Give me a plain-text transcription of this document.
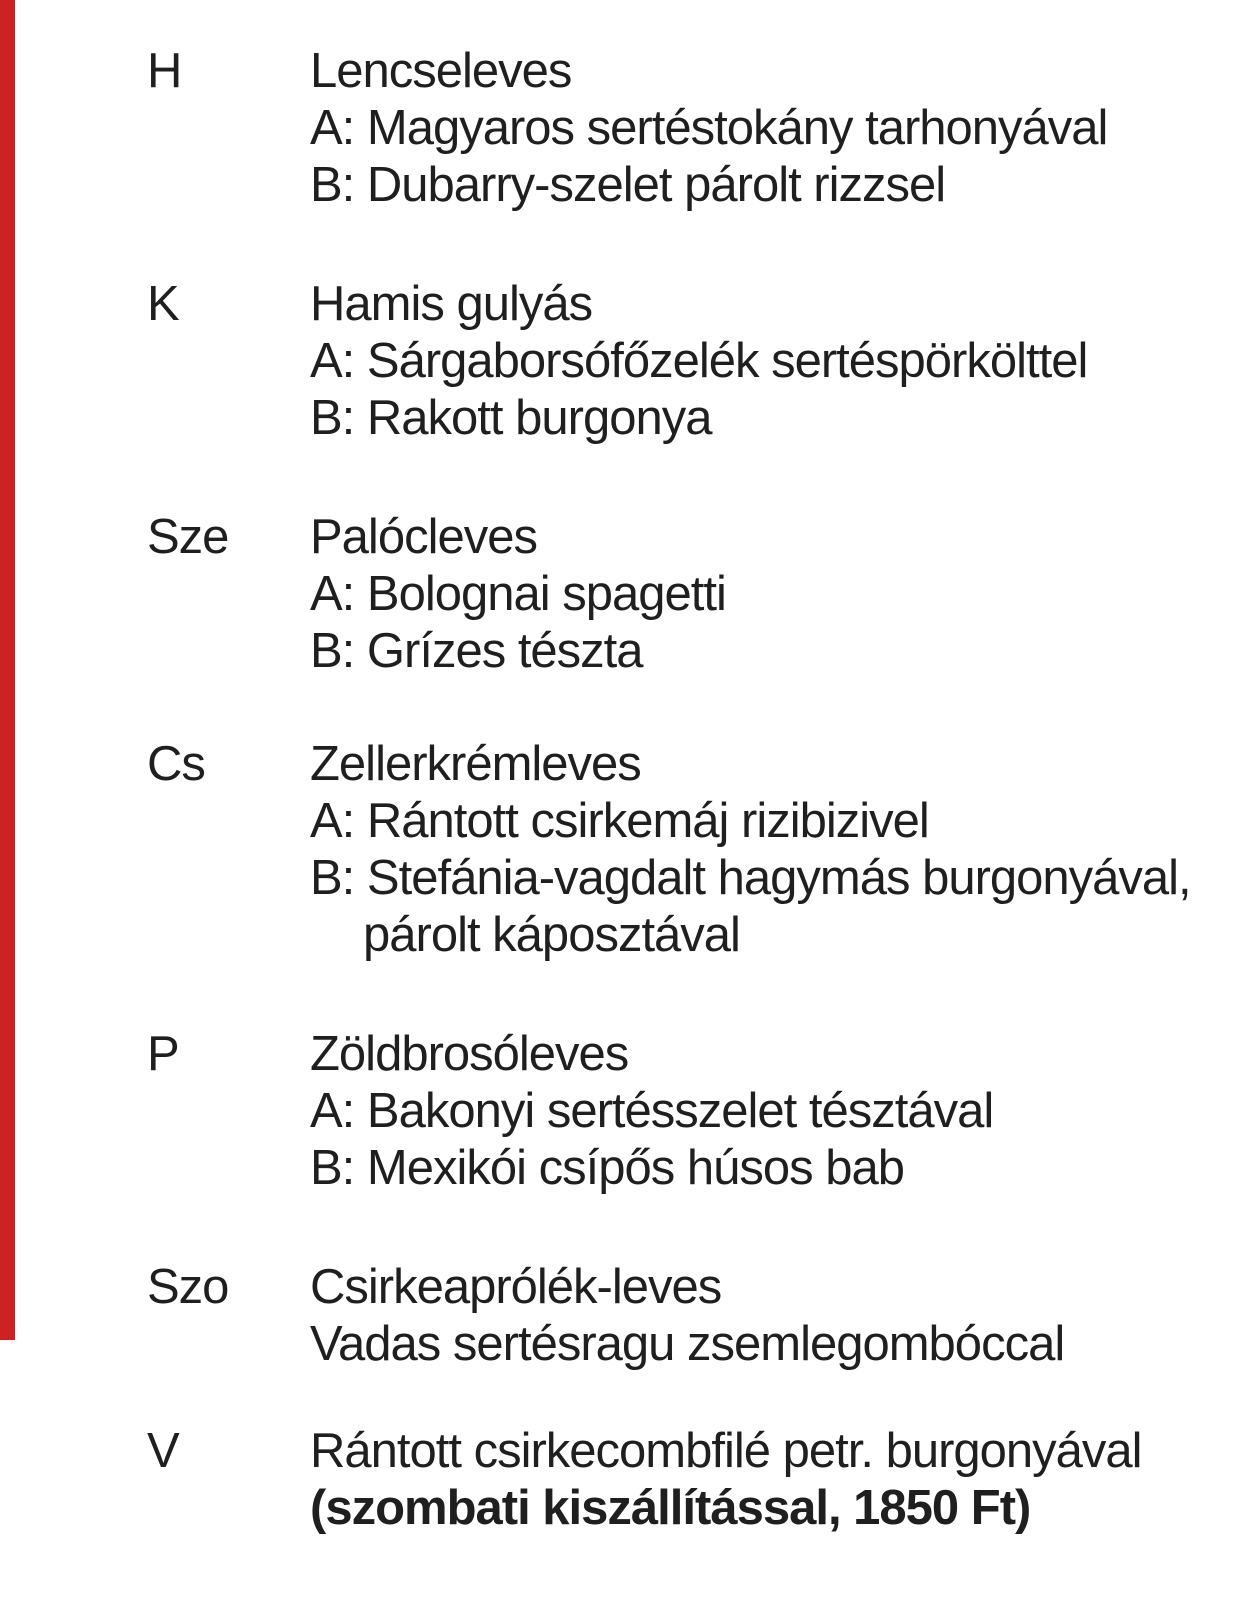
H	Lencseleves
A: Magyaros sertéstokány tarhonyával
B: Dubarry-szelet párolt rizzsel
K	Hamis gulyás
A: Sárgaborsófőzelék sertéspörkölttel
B: Rakott burgonya
Sze Palócleves
A: Bolognai spagetti
B: Grízes tészta
Cs Zellerkrémleves
A: Rántott csirkemáj rizibizivel
B: Stefánia-vagdalt hagymás burgonyával,
párolt káposztával
P	Zöldbrosóleves
A: Bakonyi sertésszelet tésztával
B: Mexikói csípős húsos bab
Szo Csirkeaprólék-leves
Vadas sertésragu zsemlegombóccal
V	Rántott csirkecombfilé petr. burgonyával
(szombati kiszállítással, 1850 Ft)
